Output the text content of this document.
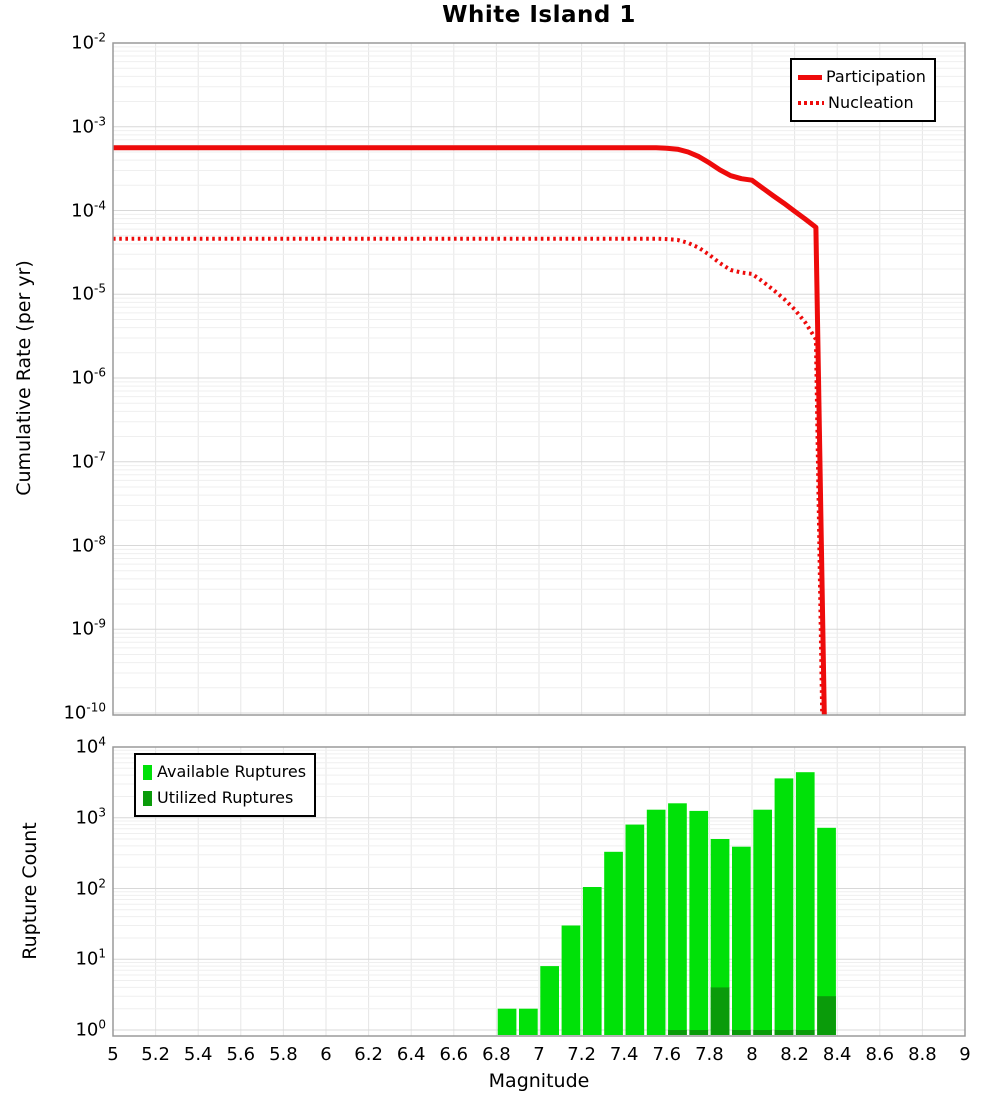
White Island 1
Cumulative Rate (per yr)
Rupture Count
Magnitude
Participation
Nucleation
Available Ruptures
Utilized Ruptures
$10^{-2}$
$10^{-3}$
$10^{-4}$
$10^{-5}$
$10^{-6}$
$10^{-7}$
$10^{-8}$
$10^{-9}$
$10^{-10}$
$10^4$
$10^3$
$10^2$
$10^1$
$10^0$
5 5.2 5.4 5.6 5.8 6 6.2 6.4 6.6 6.8 7 7.2 7.4 7.6 7.8 8 8.2 8.4 8.6 8.8 9
